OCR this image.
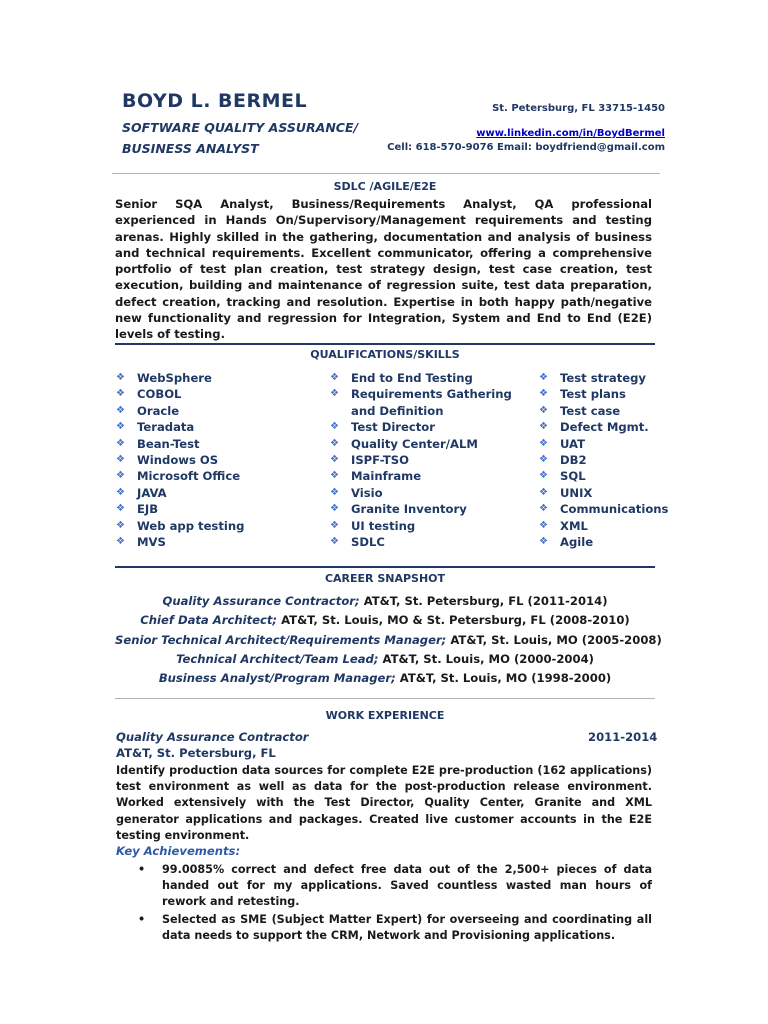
BOYD L. BERMEL
SOFTWARE QUALITY ASSURANCE/
BUSINESS ANALYST
St. Petersburg, FL 33715-1450
www.linkedin.com/in/BoydBermel
Cell: 618-570-9076 Email: boydfriend@gmail.com
SDLC /AGILE/E2E
Senior SQA Analyst, Business/Requirements Analyst, QA professional experienced in Hands On/Supervisory/Management requirements and testing arenas. Highly skilled in the gathering, documentation and analysis of business and technical requirements. Excellent communicator, offering a comprehensive portfolio of test plan creation, test strategy design, test case creation, test execution, building and maintenance of regression suite, test data preparation, defect creation, tracking and resolution. Expertise in both happy path/negative new functionality and regression for Integration, System and End to End (E2E) levels of testing.
QUALIFICATIONS/SKILLS
❖ WebSphere
❖ COBOL
❖ Oracle
❖ Teradata
❖ Bean-Test
❖ Windows OS
❖ Microsoft Office
❖ JAVA
❖ EJB
❖ Web app testing
❖ MVS
❖ End to End Testing
❖ Requirements Gathering
and Definition
❖ Test Director
❖ Quality Center/ALM
❖ ISPF-TSO
❖ Mainframe
❖ Visio
❖ Granite Inventory
❖ UI testing
❖ SDLC
❖ Test strategy
❖ Test plans
❖ Test case
❖ Defect Mgmt.
❖ UAT
❖ DB2
❖ SQL
❖ UNIX
❖ Communications
❖ XML
❖ Agile
CAREER SNAPSHOT
Quality Assurance Contractor; AT&T, St. Petersburg, FL (2011-2014)
Chief Data Architect; AT&T, St. Louis, MO & St. Petersburg, FL (2008-2010)
Senior Technical Architect/Requirements Manager; AT&T, St. Louis, MO (2005-2008)
Technical Architect/Team Lead; AT&T, St. Louis, MO (2000-2004)
Business Analyst/Program Manager; AT&T, St. Louis, MO (1998-2000)
WORK EXPERIENCE
Quality Assurance Contractor	2011-2014
AT&T, St. Petersburg, FL
Identify production data sources for complete E2E pre-production (162 applications) test environment as well as data for the post-production release environment. Worked extensively with the Test Director, Quality Center, Granite and XML generator applications and packages. Created live customer accounts in the E2E testing environment.
Key Achievements:
• 99.0085% correct and defect free data out of the 2,500+ pieces of data handed out for my applications. Saved countless wasted man hours of rework and retesting.
• Selected as SME (Subject Matter Expert) for overseeing and coordinating all data needs to support the CRM, Network and Provisioning applications.
